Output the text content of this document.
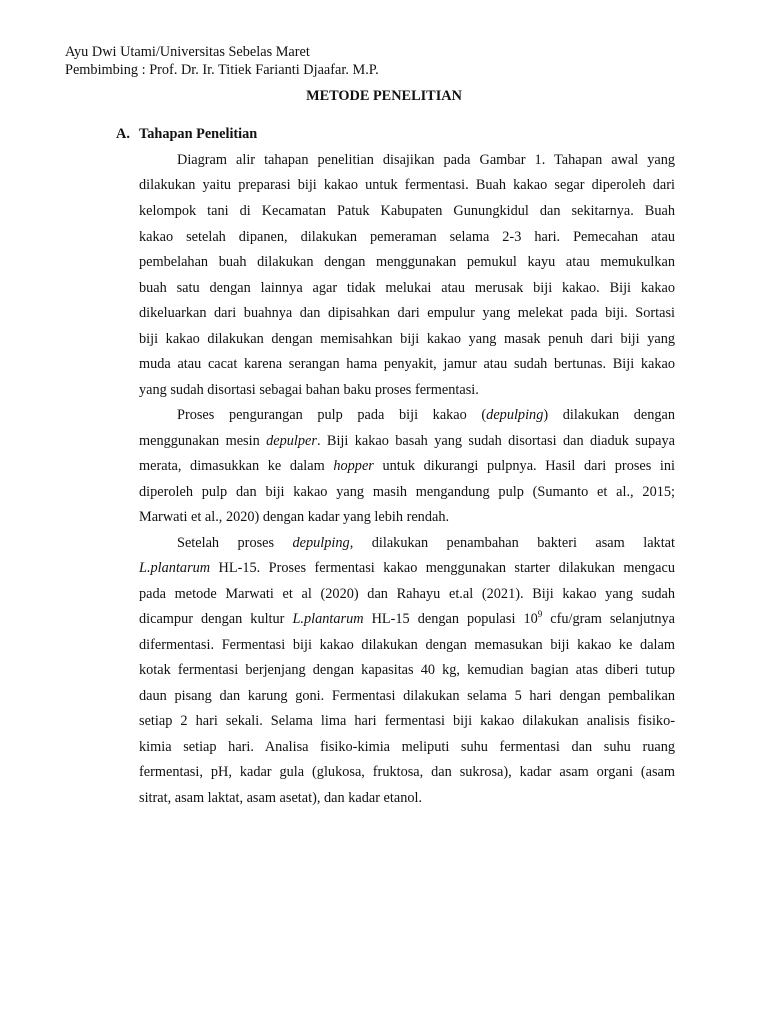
Ayu Dwi Utami/Universitas Sebelas Maret
Pembimbing : Prof. Dr. Ir. Titiek Farianti Djaafar. M.P.
METODE PENELITIAN
A. Tahapan Penelitian
Diagram alir tahapan penelitian disajikan pada Gambar 1. Tahapan awal yang
dilakukan yaitu preparasi biji kakao untuk fermentasi. Buah kakao segar diperoleh dari
kelompok tani di Kecamatan Patuk Kabupaten Gunungkidul dan sekitarnya. Buah
kakao setelah dipanen, dilakukan pemeraman selama 2-3 hari. Pemecahan atau
pembelahan buah dilakukan dengan menggunakan pemukul kayu atau memukulkan
buah satu dengan lainnya agar tidak melukai atau merusak biji kakao. Biji kakao
dikeluarkan dari buahnya dan dipisahkan dari empulur yang melekat pada biji. Sortasi
biji kakao dilakukan dengan memisahkan biji kakao yang masak penuh dari biji yang
muda atau cacat karena serangan hama penyakit, jamur atau sudah bertunas. Biji kakao
yang sudah disortasi sebagai bahan baku proses fermentasi.
Proses pengurangan pulp pada biji kakao (depulping) dilakukan dengan
menggunakan mesin depulper. Biji kakao basah yang sudah disortasi dan diaduk supaya
merata, dimasukkan ke dalam hopper untuk dikurangi pulpnya. Hasil dari proses ini
diperoleh pulp dan biji kakao yang masih mengandung pulp (Sumanto et al., 2015;
Marwati et al., 2020) dengan kadar yang lebih rendah.
Setelah proses depulping, dilakukan penambahan bakteri asam laktat
L.plantarum HL-15. Proses fermentasi kakao menggunakan starter dilakukan mengacu
pada metode Marwati et al (2020) dan Rahayu et.al (2021). Biji kakao yang sudah
dicampur dengan kultur L.plantarum HL-15 dengan populasi $10^9$ cfu/gram selanjutnya
difermentasi. Fermentasi biji kakao dilakukan dengan memasukan biji kakao ke dalam
kotak fermentasi berjenjang dengan kapasitas 40 kg, kemudian bagian atas diberi tutup
daun pisang dan karung goni. Fermentasi dilakukan selama 5 hari dengan pembalikan
setiap 2 hari sekali. Selama lima hari fermentasi biji kakao dilakukan analisis fisiko-
kimia setiap hari. Analisa fisiko-kimia meliputi suhu fermentasi dan suhu ruang
fermentasi, pH, kadar gula (glukosa, fruktosa, dan sukrosa), kadar asam organi (asam
sitrat, asam laktat, asam asetat), dan kadar etanol.
